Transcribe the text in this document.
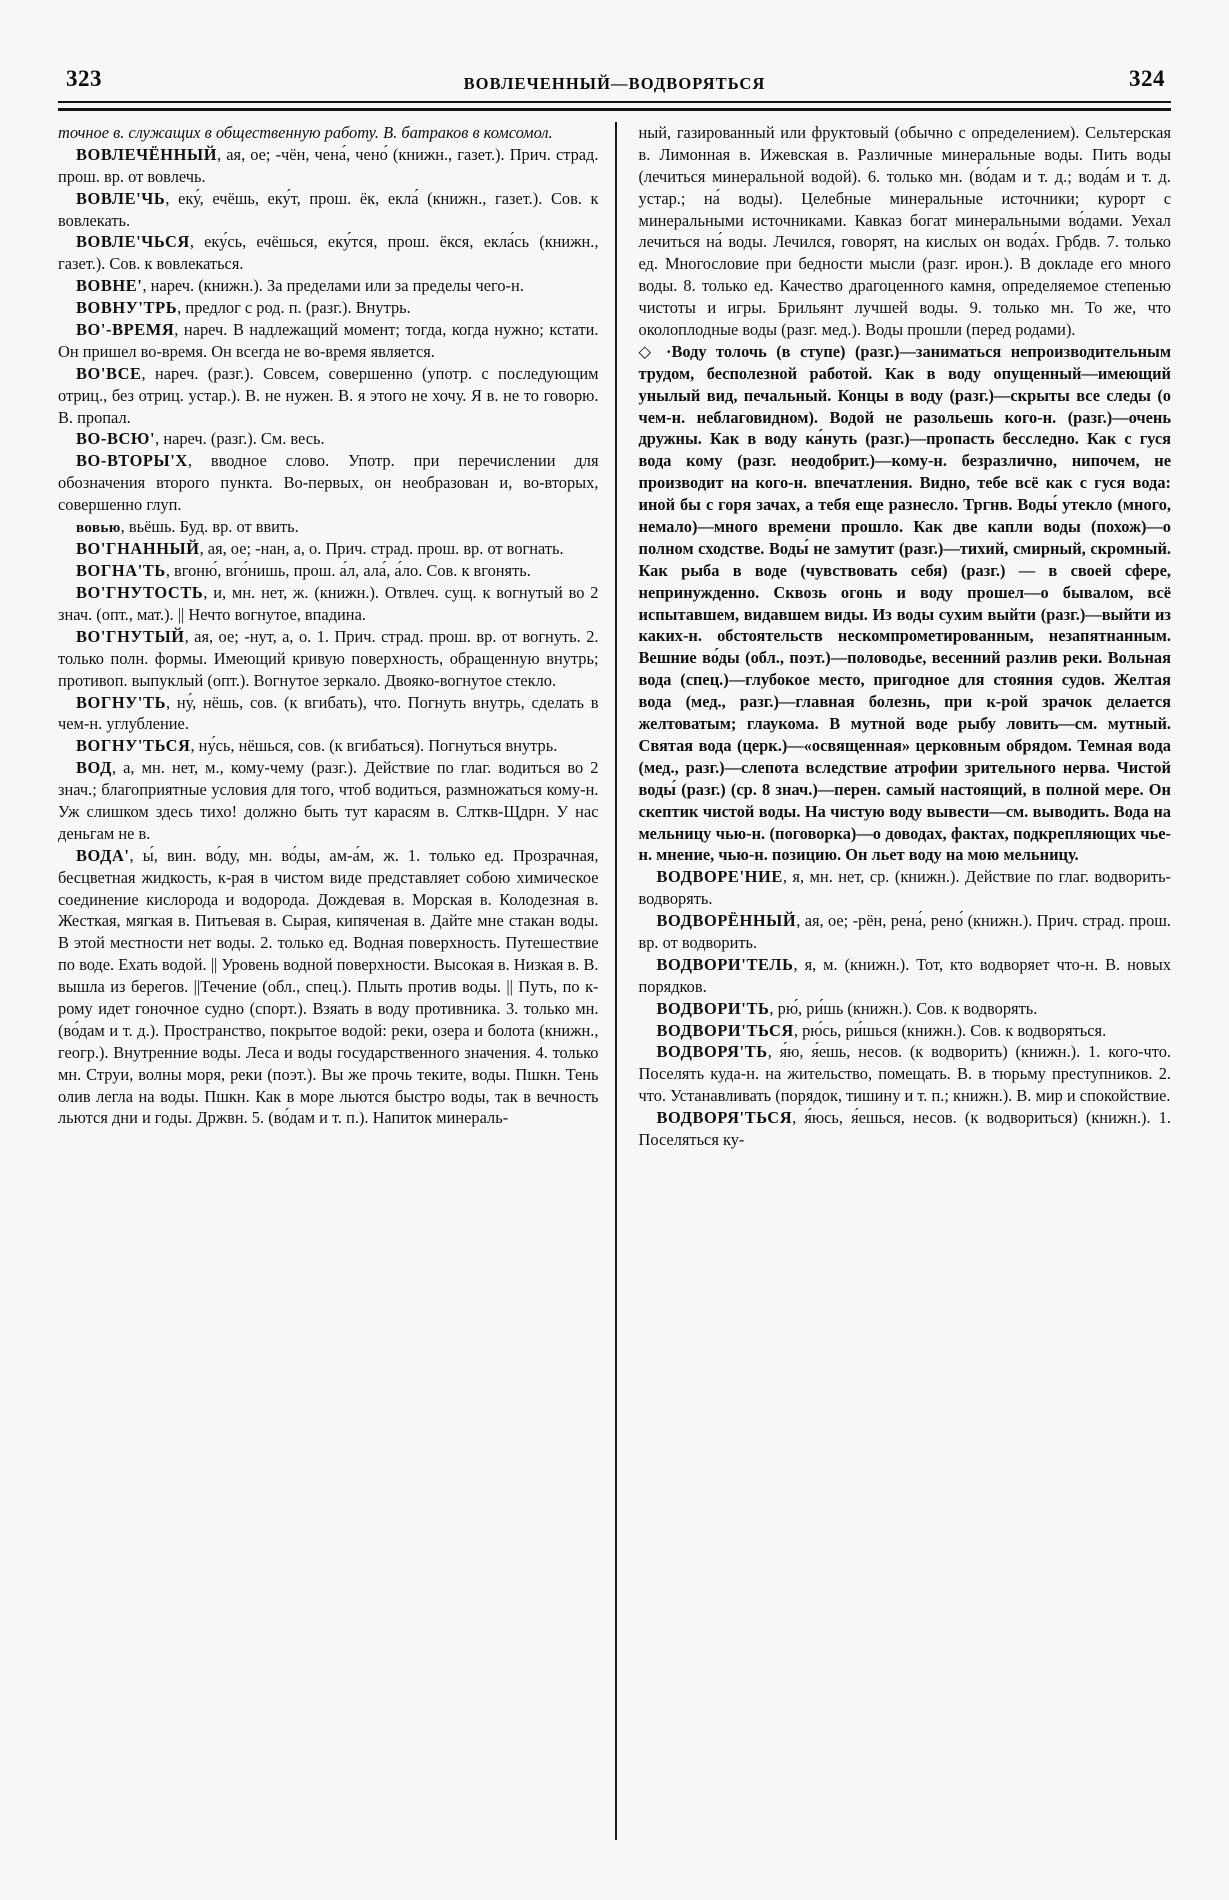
323	ВОВЛЕЧЕННЫЙ—ВОДВОРЯТЬСЯ	324

точное в. служащих в общественную работу. В. батраков в комсомол.

ВОВЛЕЧЁННЫЙ, ая, ое; -чён, чена́, чено́ (книжн., газет.). Прич. страд. прош. вр. от вовлечь.

ВОВЛЕ'ЧЬ, еку́, ечёшь, еку́т, прош. ёк, екла́ (книжн., газет.). Сов. к вовлекать.

ВОВЛЕ'ЧЬСЯ, еку́сь, ечёшься, еку́тся, прош. ёкся, екла́сь (книжн., газет.). Сов. к вовлекаться.

ВОВНЕ', нареч. (книжн.). За пределами или за пределы чего-н.

ВОВНУ'ТРЬ, предлог с род. п. (разг.). Внутрь.

ВО'-ВРЕМЯ, нареч. В надлежащий момент; тогда, когда нужно; кстати. Он пришел во-время. Он всегда не во-время является.

ВО'ВСЕ, нареч. (разг.). Совсем, совершенно (употр. с последующим отриц., без отриц. устар.). В. не нужен. В. я этого не хочу. Я в. не то говорю. В. пропал.

ВО-ВСЮ', нареч. (разг.). См. весь.

ВО-ВТОРЫ'Х, вводное слово. Употр. при перечислении для обозначения второго пункта. Во-первых, он необразован и, во-вторых, совершенно глуп.

вовью, вьёшь. Буд. вр. от ввить.

ВО'ГНАННЫЙ, ая, ое; -нан, а, о. Прич. страд. прош. вр. от вогнать.

ВОГНА'ТЬ, вгоню́, вго́нишь, прош. а́л, ала́, а́ло. Сов. к вгонять.

ВО'ГНУТОСТЬ, и, мн. нет, ж. (книжн.). Отвлеч. сущ. к вогнутый во 2 знач. (опт., мат.). || Нечто вогнутое, впадина.

ВО'ГНУТЫЙ, ая, ое; -нут, а, о. 1. Прич. страд. прош. вр. от вогнуть. 2. только полн. формы. Имеющий кривую поверхность, обращенную внутрь; противоп. выпуклый (опт.). Вогнутое зеркало. Двояко-вогнутое стекло.

ВОГНУ'ТЬ, ну́, нёшь, сов. (к вгибать), что. Погнуть внутрь, сделать в чем-н. углубление.

ВОГНУ'ТЬСЯ, ну́сь, нёшься, сов. (к вгибаться). Погнуться внутрь.

ВОД, а, мн. нет, м., кому-чему (разг.). Действие по глаг. водиться во 2 знач.; благоприятные условия для того, чтоб водиться, размножаться кому-н. Уж слишком здесь тихо! должно быть тут карасям в. Слткв-Щдрн. У нас деньгам не в.

ВОДА', ы́, вин. во́ду, мн. во́ды, ам-а́м, ж. 1. только ед. Прозрачная, бесцветная жидкость, к-рая в чистом виде представляет собою химическое соединение кислорода и водорода. Дождевая в. Морская в. Колодезная в. Жесткая, мягкая в. Питьевая в. Сырая, кипяченая в. Дайте мне стакан воды. В этой местности нет воды. 2. только ед. Водная поверхность. Путешествие по воде. Ехать водой. || Уровень водной поверхности. Высокая в. Низкая в. В. вышла из берегов. ||Течение (обл., спец.). Плыть против воды. || Путь, по к-рому идет гоночное судно (спорт.). Взяать в воду противника. 3. только мн. (во́дам и т. д.). Пространство, покрытое водой: реки, озера и болота (книжн., геогр.). Внутренние воды. Леса и воды государственного значения. 4. только мн. Струи, волны моря, реки (поэт.). Вы же прочь теките, воды. Пшкн. Тень олив легла на воды. Пшкн. Как в море льются быстро воды, так в вечность льются дни и годы. Држвн. 5. (во́дам и т. п.). Напиток минераль-

ный, газированный или фруктовый (обычно с определением). Сельтерская в. Лимонная в. Ижевская в. Различные минеральные воды. Пить воды (лечиться минеральной водой). 6. только мн. (во́дам и т. д.; вода́м и т. д. устар.; на́ воды). Целебные минеральные источники; курорт с минеральными источниками. Кавказ богат минеральными во́дами. Уехал лечиться на́ воды. Лечился, говорят, на кислых он вода́х. Грбдв. 7. только ед. Многословие при бедности мысли (разг. ирон.). В докладе его много воды. 8. только ед. Качество драгоценного камня, определяемое степенью чистоты и игры. Брильянт лучшей воды. 9. только мн. То же, что околоплодные воды (разг. мед.). Воды прошли (перед родами).

◇ ·Воду толочь (в ступе) (разг.)—заниматься непроизводительным трудом, бесполезной работой. Как в воду опущенный—имеющий унылый вид, печальный. Концы в воду (разг.)—скрыты все следы (о чем-н. неблаговидном). Водой не разольешь кого-н. (разг.)—очень дружны. Как в воду ка́нуть (разг.)—пропасть бесследно. Как с гуся вода кому (разг. неодобрит.)—кому-н. безразлично, нипочем, не производит на кого-н. впечатления. Видно, тебе всё как с гуся вода: иной бы с горя зачах, а тебя еще разнесло. Тргнв. Воды́ утекло (много, немало)—много времени прошло. Как две капли воды (похож)—о полном сходстве. Воды́ не замутит (разг.)—тихий, смирный, скромный. Как рыба в воде (чувствовать себя) (разг.) — в своей сфере, непринужденно. Сквозь огонь и воду прошел—о бывалом, всё испытавшем, видавшем виды. Из воды сухим выйти (разг.)—выйти из каких-н. обстоятельств нескомпрометированным, незапятнанным. Вешние во́ды (обл., поэт.)—половодье, весенний разлив реки. Вольная вода (спец.)—глубокое место, пригодное для стояния судов. Желтая вода (мед., разг.)—главная болезнь, при к-рой зрачок делается желтоватым; глаукома. В мутной воде рыбу ловить—см. мутный. Святая вода (церк.)—«освященная» церковным обрядом. Темная вода (мед., разг.)—слепота вследствие атрофии зрительного нерва. Чистой воды́ (разг.) (ср. 8 знач.)—перен. самый настоящий, в полной мере. Он скептик чистой воды. На чистую воду вывести—см. выводить. Вода на мельницу чью-н. (поговорка)—о доводах, фактах, подкрепляющих чье-н. мнение, чью-н. позицию. Он льет воду на мою мельницу.

ВОДВОРЕ'НИЕ, я, мн. нет, ср. (книжн.). Действие по глаг. водворить-водворять.

ВОДВОРЁННЫЙ, ая, ое; -рён, рена́, рено́ (книжн.). Прич. страд. прош. вр. от водворить.

ВОДВОРИ'ТЕЛЬ, я, м. (книжн.). Тот, кто водворяет что-н. В. новых порядков.

ВОДВОРИ'ТЬ, рю́, ри́шь (книжн.). Сов. к водворять.

ВОДВОРИ'ТЬСЯ, рю́сь, ри́шься (книжн.). Сов. к водворяться.

ВОДВОРЯ'ТЬ, я́ю, я́ешь, несов. (к водворить) (книжн.). 1. кого-что. Поселять куда-н. на жительство, помещать. В. в тюрьму преступников. 2. что. Устанавливать (порядок, тишину и т. п.; книжн.). В. мир и спокойствие.

ВОДВОРЯ'ТЬСЯ, я́юсь, я́ешься, несов. (к водвориться) (книжн.). 1. Поселяться ку-
